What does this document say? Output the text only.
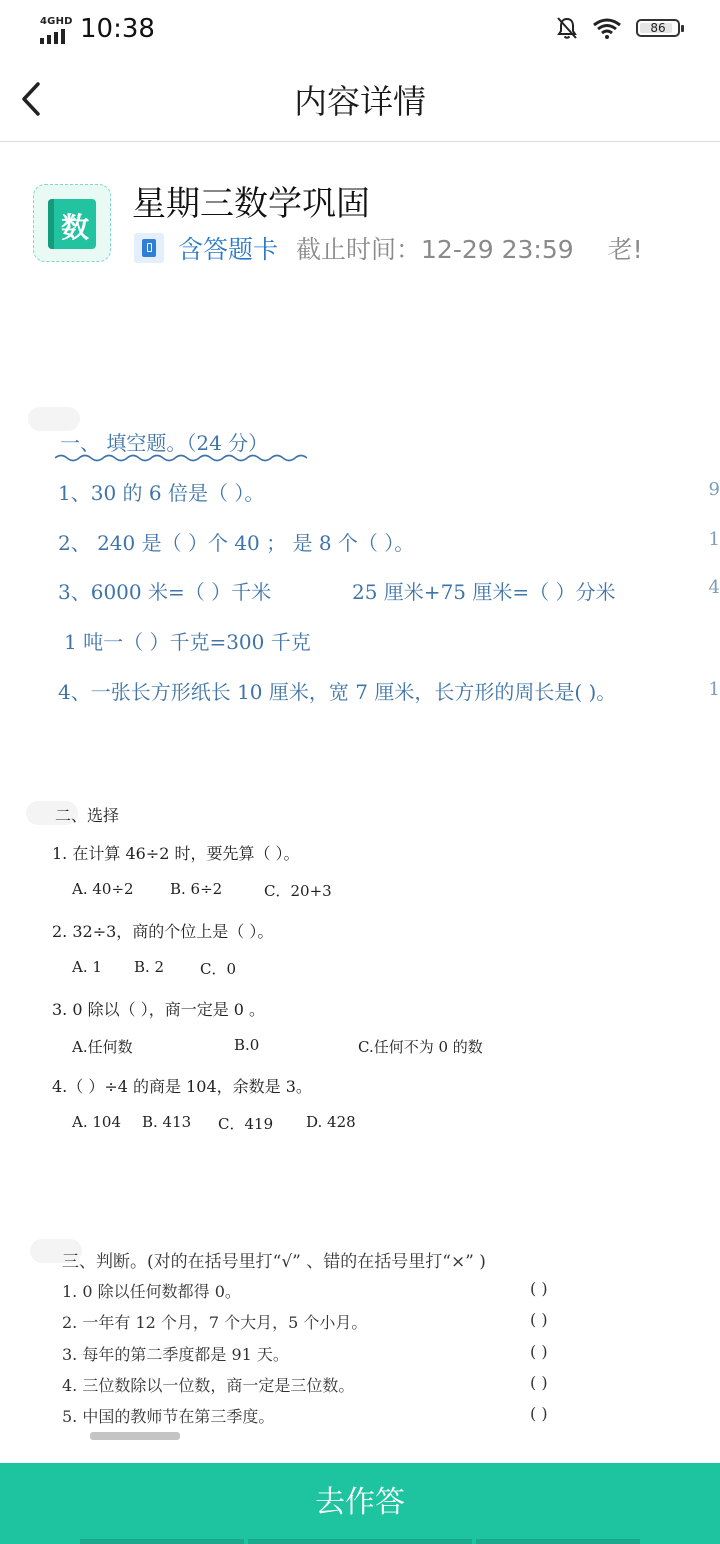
4GHD 10:38	86
内容详情
数
星期三数学巩固
含答题卡 截止时间：12-29 23:59 老!
一、 填空题。（24 分）
1、30 的 6 倍是（ ）。
2、 240 是（ ）个 40 ； 是 8 个（ ）。
3、6000 米=（ ）千米	25 厘米+75 厘米=（ ）分米
1 吨一（ ）千克=300 千克
4、一张长方形纸长 10 厘米，宽 7 厘米，长方形的周长是( )。
9
1
4
1
二、选择
1. 在计算 46÷2 时，要先算（ ）。
A. 40÷2 B. 6÷2	C．20+3
2. 32÷3，商的个位上是（ ）。
A. 1 B. 2 C．0
3. 0 除以（ ），商一定是 0 。
A.任何数	B.0	C.任何不为 0 的数
4.（ ）÷4 的商是 104，余数是 3。
A. 104 B. 413 C．419 D. 428
三、判断。(对的在括号里打“√” 、错的在括号里打“×” )
1. 0 除以任何数都得 0。	( )
2. 一年有 12 个月，7 个大月，5 个小月。	( )
3. 每年的第二季度都是 91 天。	( )
4. 三位数除以一位数，商一定是三位数。	( )
5. 中国的教师节在第三季度。	( )
去作答
